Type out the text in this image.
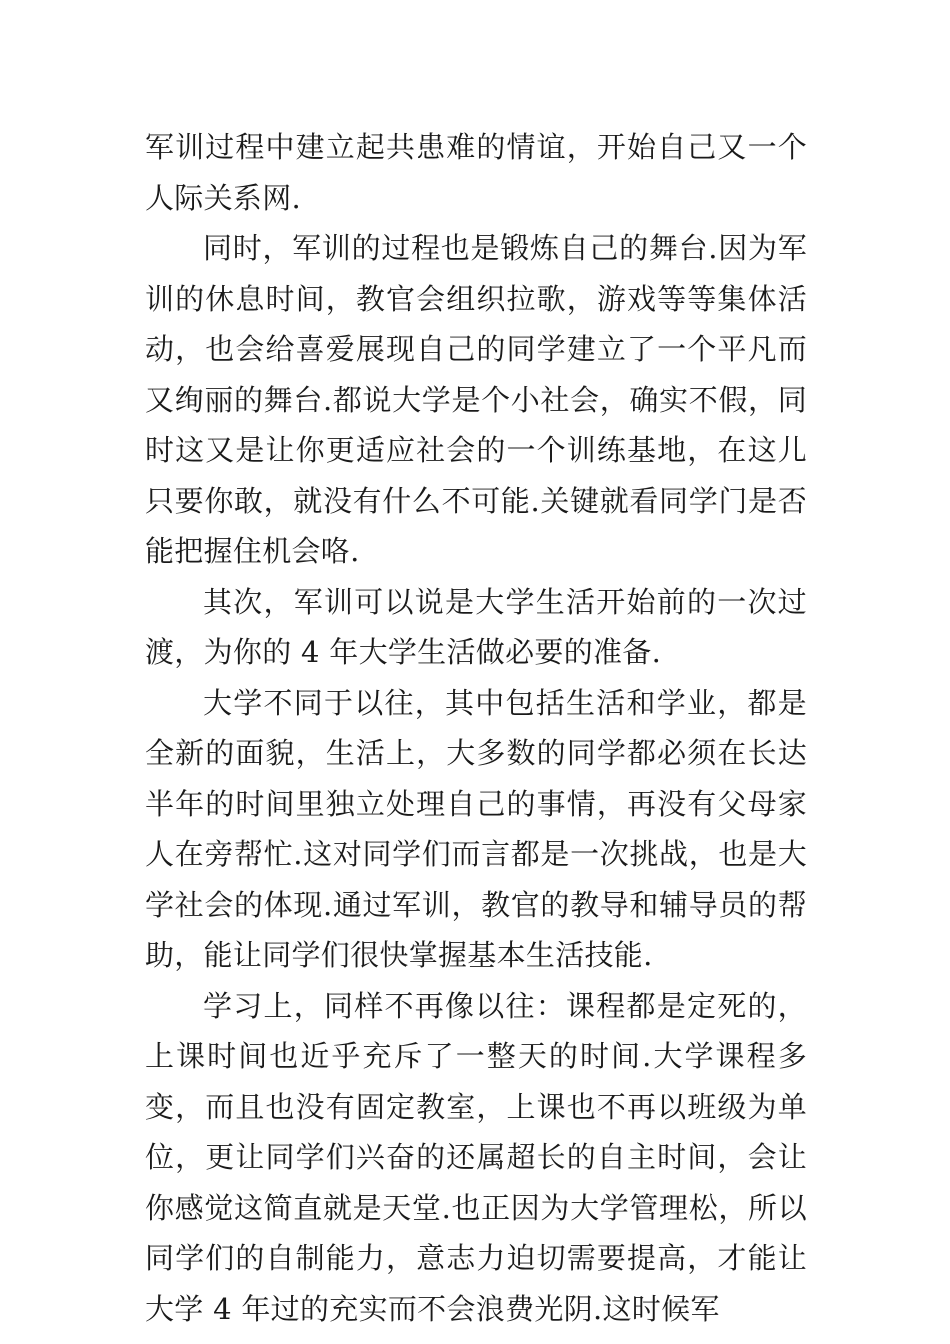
军训过程中建立起共患难的情谊，开始自己又一个人际关系网.

同时，军训的过程也是锻炼自己的舞台.因为军训的休息时间，教官会组织拉歌，游戏等等集体活动，也会给喜爱展现自己的同学建立了一个平凡而又绚丽的舞台.都说大学是个小社会，确实不假，同时这又是让你更适应社会的一个训练基地，在这儿只要你敢，就没有什么不可能.关键就看同学门是否能把握住机会咯.

其次，军训可以说是大学生活开始前的一次过渡，为你的 4 年大学生活做必要的准备.

大学不同于以往，其中包括生活和学业，都是全新的面貌，生活上，大多数的同学都必须在长达半年的时间里独立处理自己的事情，再没有父母家人在旁帮忙.这对同学们而言都是一次挑战，也是大学社会的体现.通过军训，教官的教导和辅导员的帮助，能让同学们很快掌握基本生活技能.

学习上，同样不再像以往：课程都是定死的，上课时间也近乎充斥了一整天的时间.大学课程多变，而且也没有固定教室，上课也不再以班级为单位，更让同学们兴奋的还属超长的自主时间，会让你感觉这简直就是天堂.也正因为大学管理松，所以同学们的自制能力，意志力迫切需要提高，才能让大学 4 年过的充实而不会浪费光阴.这时候军
